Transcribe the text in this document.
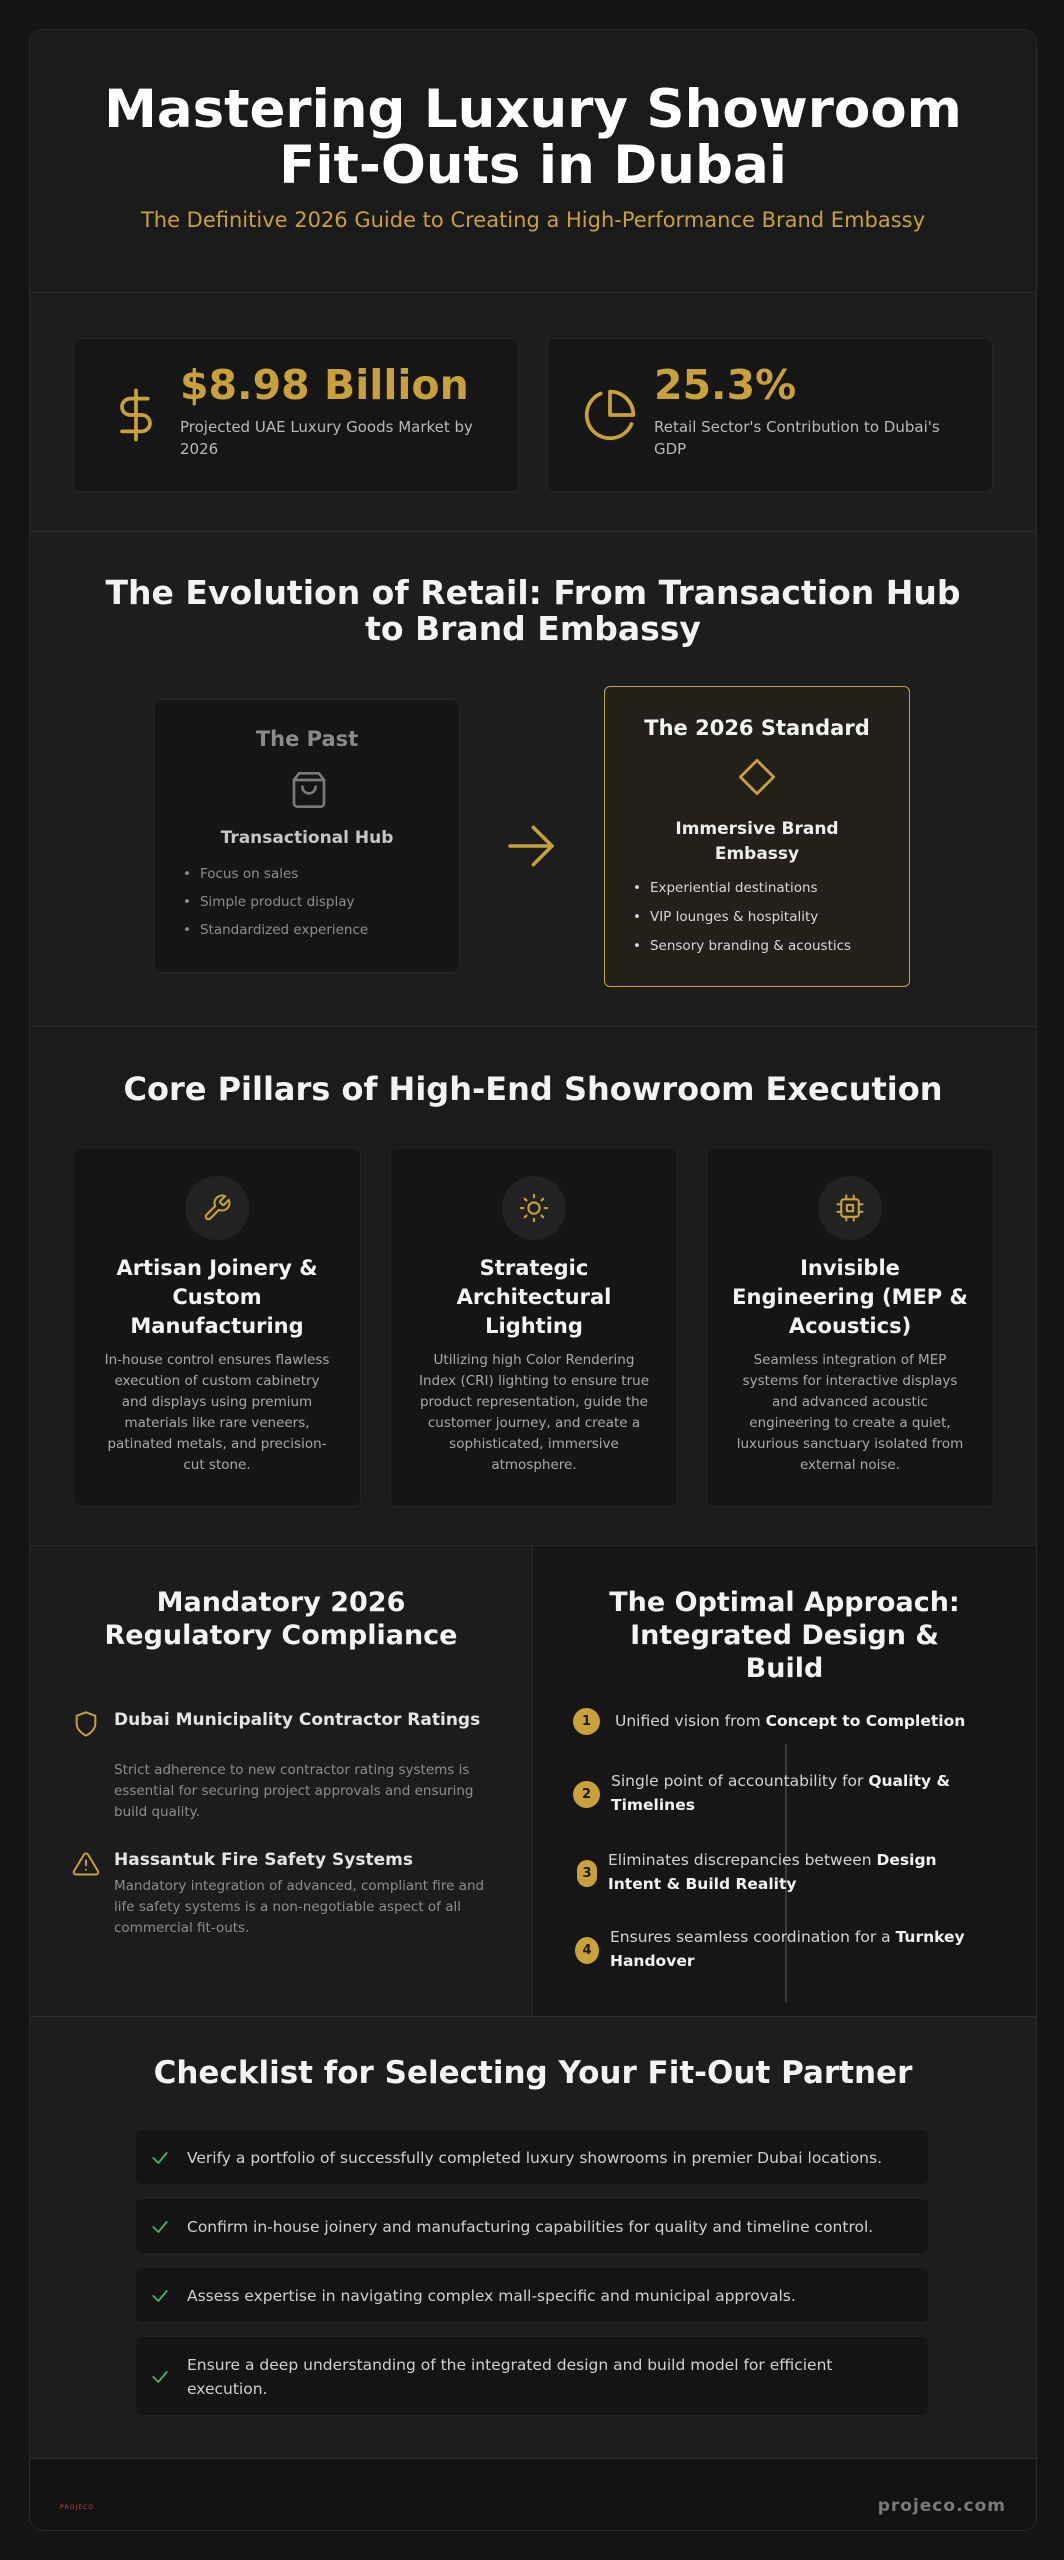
Mastering Luxury Showroom
Fit-Outs in Dubai
The Definitive 2026 Guide to Creating a High-Performance Brand Embassy
$8.98 Billion
Projected UAE Luxury Goods Market by 2026
25.3%
Retail Sector's Contribution to Dubai's GDP
The Evolution of Retail: From Transaction Hub to Brand Embassy
The Past
Transactional Hub
• Focus on sales
• Simple product display
• Standardized experience
The 2026 Standard
Immersive Brand Embassy
• Experiential destinations
• VIP lounges & hospitality
• Sensory branding & acoustics
Core Pillars of High-End Showroom Execution
Artisan Joinery & Custom Manufacturing
In-house control ensures flawless execution of custom cabinetry and displays using premium materials like rare veneers, patinated metals, and precision-cut stone.
Strategic Architectural Lighting
Utilizing high Color Rendering Index (CRI) lighting to ensure true product representation, guide the customer journey, and create a sophisticated, immersive atmosphere.
Invisible Engineering (MEP & Acoustics)
Seamless integration of MEP systems for interactive displays and advanced acoustic engineering to create a quiet, luxurious sanctuary isolated from external noise.
Mandatory 2026 Regulatory Compliance
Dubai Municipality Contractor Ratings
Strict adherence to new contractor rating systems is essential for securing project approvals and ensuring build quality.
Hassantuk Fire Safety Systems
Mandatory integration of advanced, compliant fire and life safety systems is a non-negotiable aspect of all commercial fit-outs.
The Optimal Approach: Integrated Design & Build
1	Unified vision from Concept to Completion
2
Single point of accountability for Quality & Timelines
3
Eliminates discrepancies between Design Intent & Build Reality
4
Ensures seamless coordination for a Turnkey Handover
Checklist for Selecting Your Fit-Out Partner
Verify a portfolio of successfully completed luxury showrooms in premier Dubai locations.
Confirm in-house joinery and manufacturing capabilities for quality and timeline control.
Assess expertise in navigating complex mall-specific and municipal approvals.
Ensure a deep understanding of the integrated design and build model for efficient execution.
PROJECO	projeco.com
